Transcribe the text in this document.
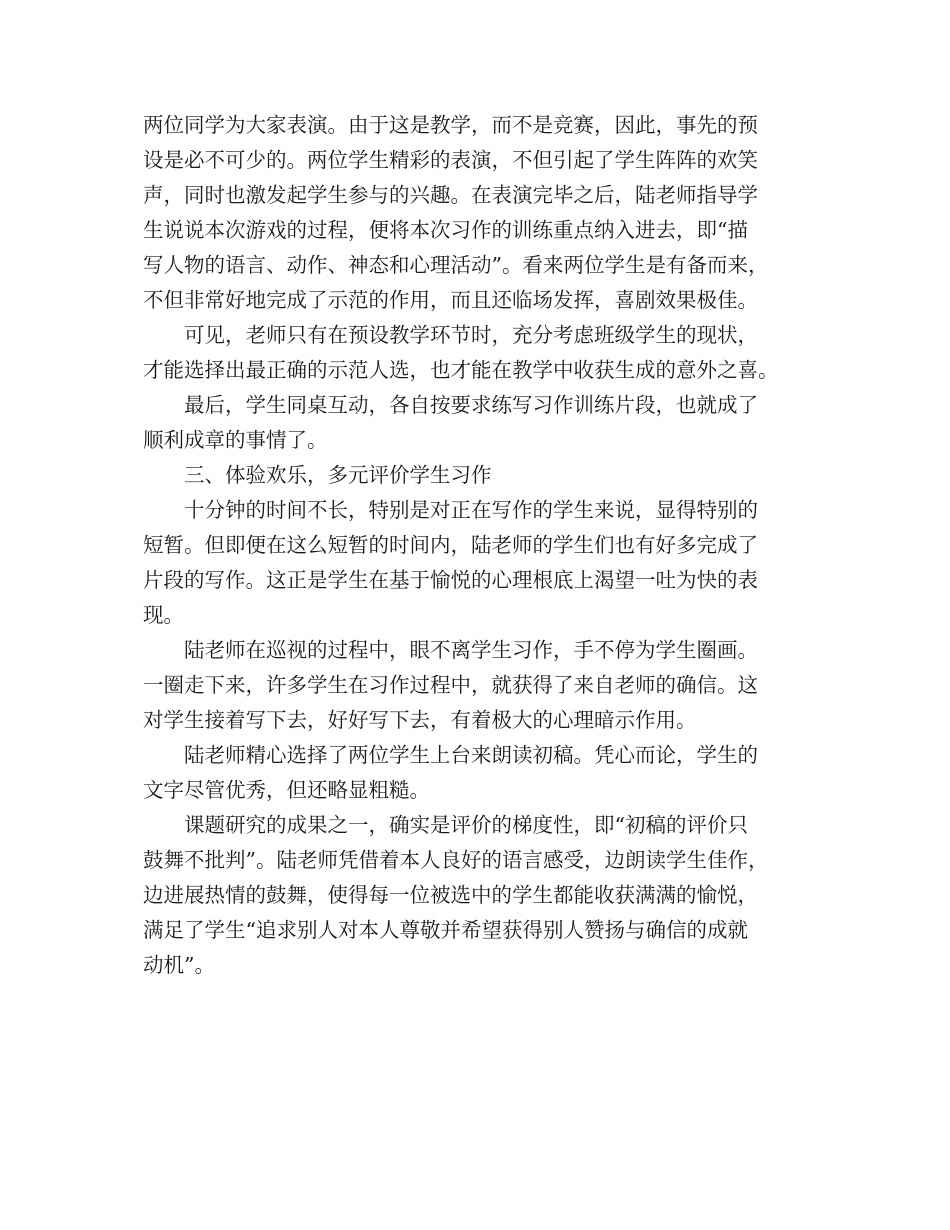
两位同学为大家表演。由于这是教学，而不是竞赛，因此，事先的预
设是必不可少的。两位学生精彩的表演，不但引起了学生阵阵的欢笑
声，同时也激发起学生参与的兴趣。在表演完毕之后，陆老师指导学
生说说本次游戏的过程，便将本次习作的训练重点纳入进去，即“描
写人物的语言、动作、神态和心理活动”。看来两位学生是有备而来，
不但非常好地完成了示范的作用，而且还临场发挥，喜剧效果极佳。
可见，老师只有在预设教学环节时，充分考虑班级学生的现状，
才能选择出最正确的示范人选，也才能在教学中收获生成的意外之喜。
最后，学生同桌互动，各自按要求练写习作训练片段，也就成了
顺利成章的事情了。
三、体验欢乐，多元评价学生习作
十分钟的时间不长，特别是对正在写作的学生来说，显得特别的
短暂。但即便在这么短暂的时间内，陆老师的学生们也有好多完成了
片段的写作。这正是学生在基于愉悦的心理根底上渴望一吐为快的表
现。
陆老师在巡视的过程中，眼不离学生习作，手不停为学生圈画。
一圈走下来，许多学生在习作过程中，就获得了来自老师的确信。这
对学生接着写下去，好好写下去，有着极大的心理暗示作用。
陆老师精心选择了两位学生上台来朗读初稿。凭心而论，学生的
文字尽管优秀，但还略显粗糙。
课题研究的成果之一，确实是评价的梯度性，即“初稿的评价只
鼓舞不批判”。陆老师凭借着本人良好的语言感受，边朗读学生佳作，
边进展热情的鼓舞，使得每一位被选中的学生都能收获满满的愉悦，
满足了学生“追求别人对本人尊敬并希望获得别人赞扬与确信的成就
动机”。
